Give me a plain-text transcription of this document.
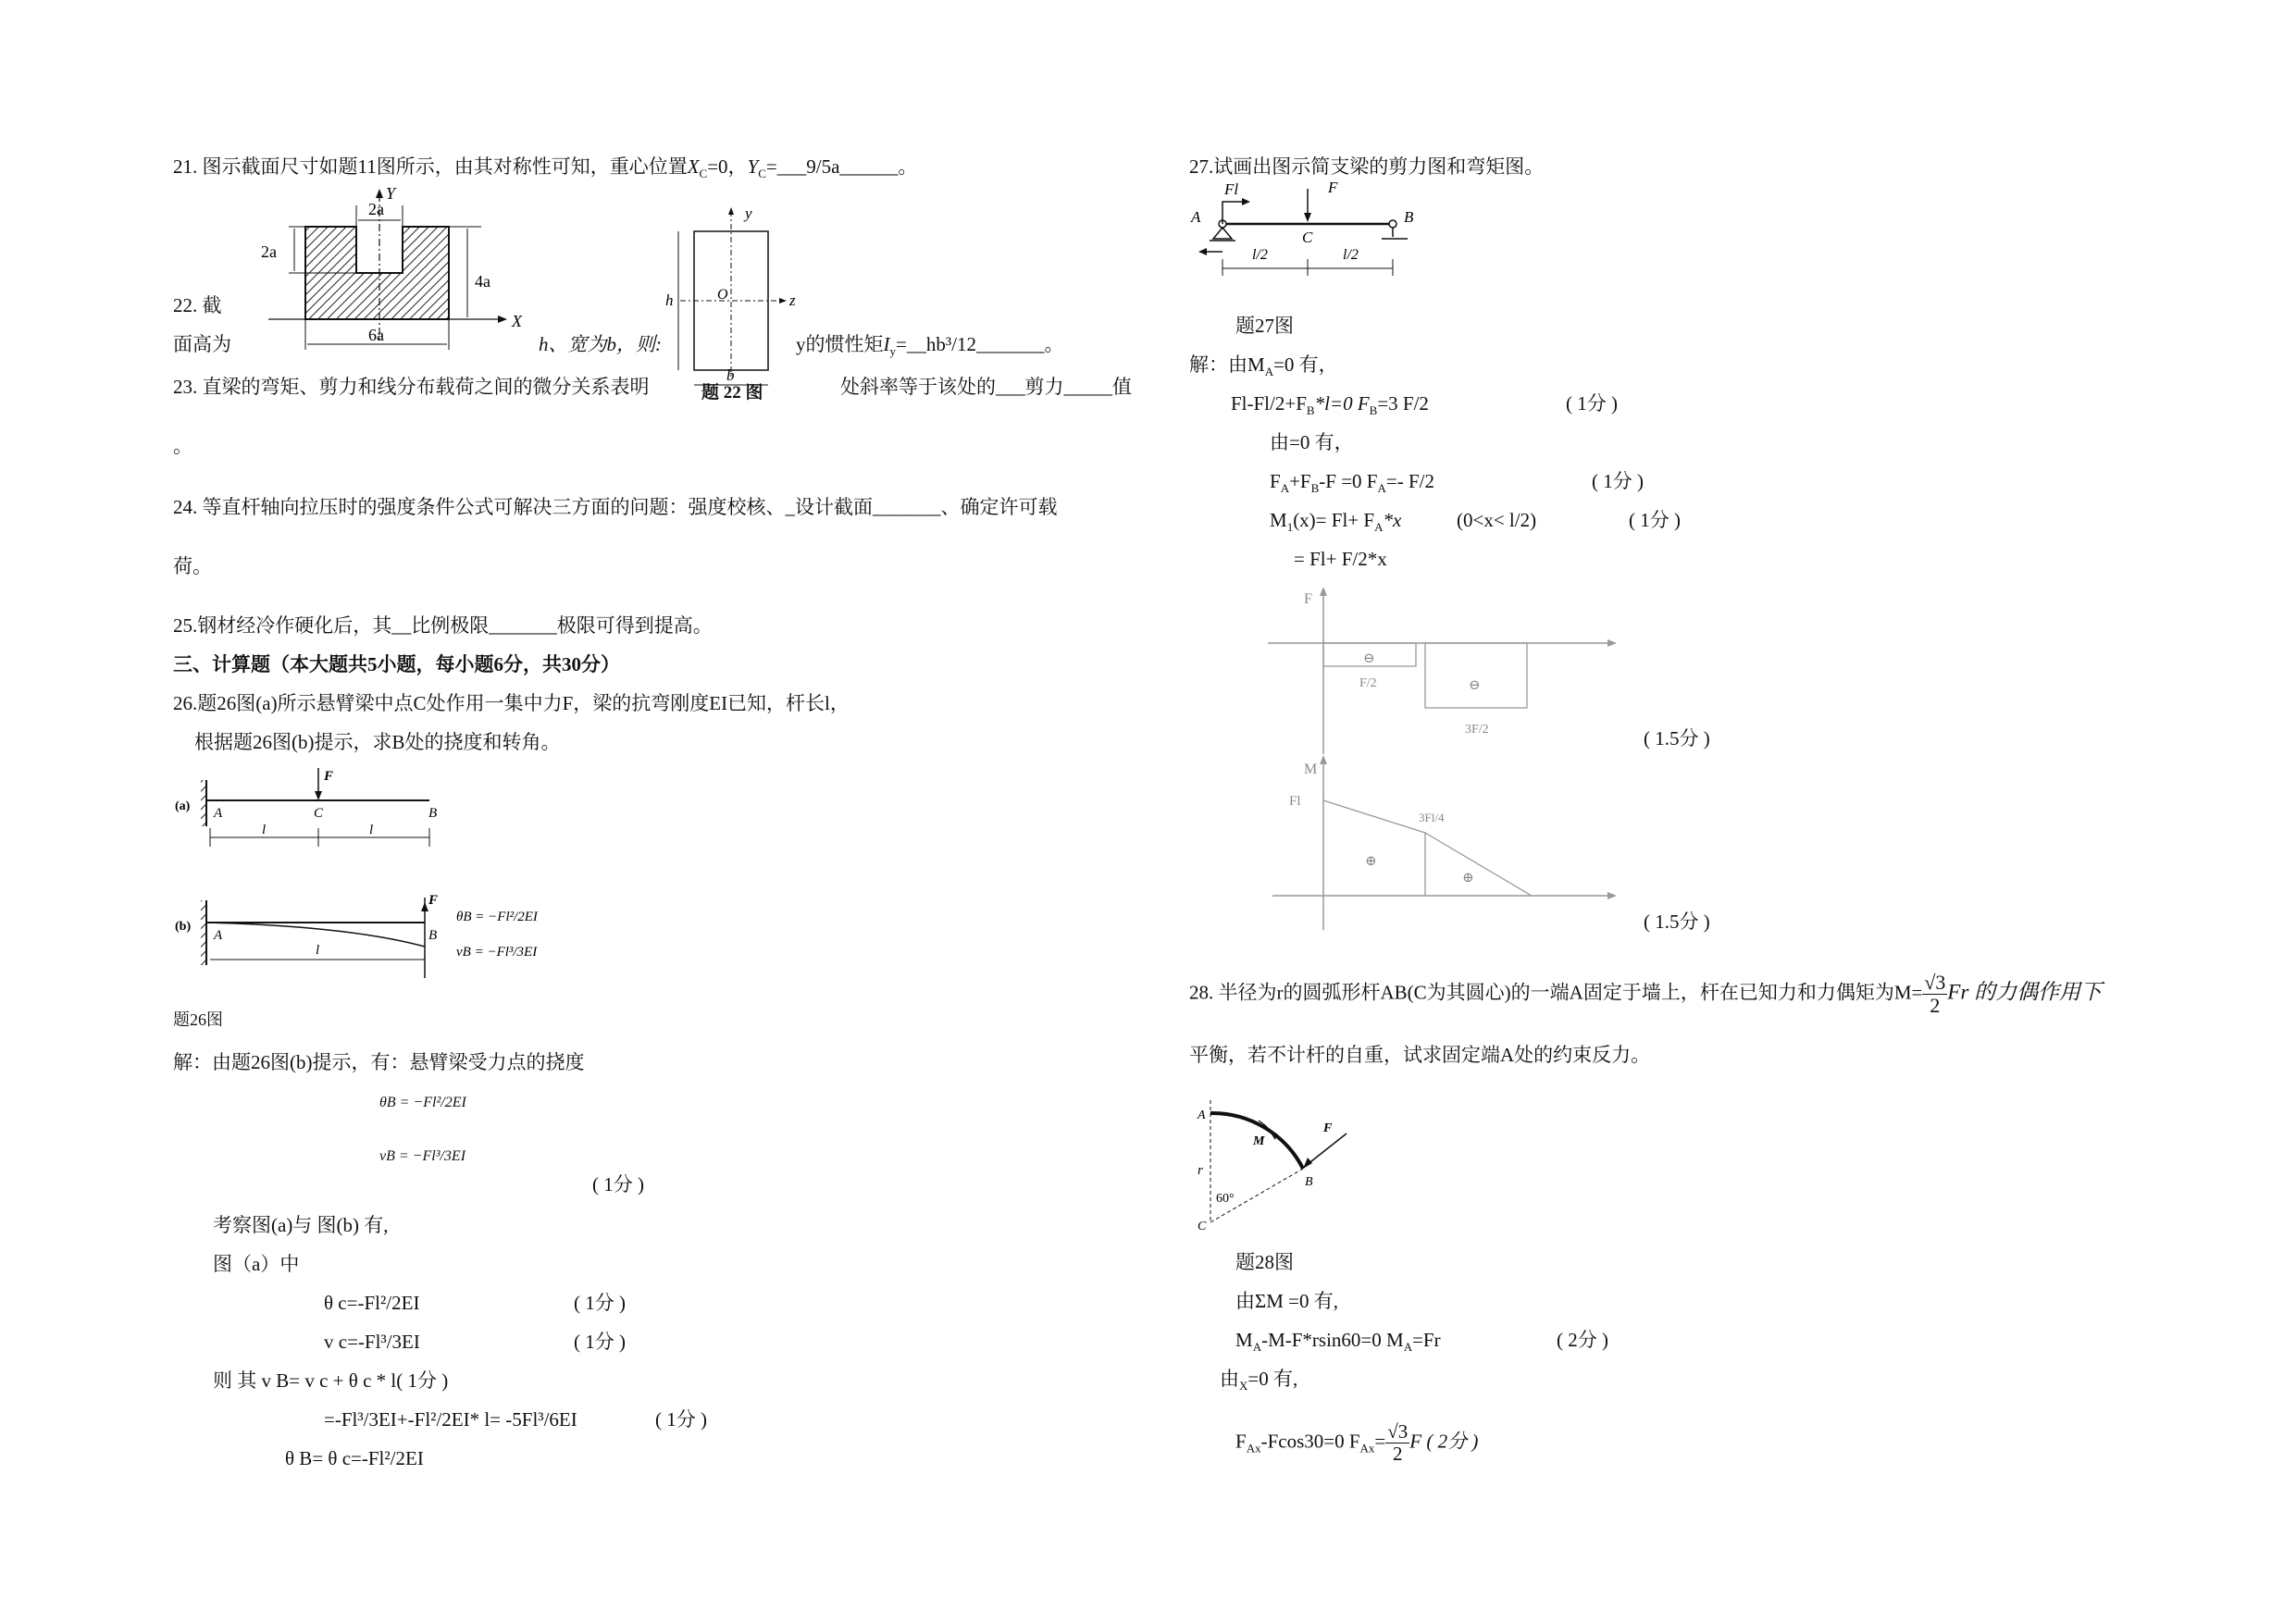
21. 图示截面尺寸如题11图所示，由其对称性可知，重心位置$X_C=0$，$Y_C=\_\_\_9/5a\_\_\_\_\_\_$。
Y
X
2a
2a
4a
6a
y
z
O
h
b
题 22 图
22. 截
面高为	h、宽为b，则:	y的惯性矩$I_y=\_\_hb^3/12\_\_\_\_\_\_\_$。
23. 直梁的弯矩、剪力和线分布载荷之间的微分关系表明	处斜率等于该处的___剪力_____值
。
24. 等直杆轴向拉压时的强度条件公式可解决三方面的问题：强度校核、_设计截面_______、确定许可载
荷。
25.钢材经冷作硬化后，其__比例极限_______极限可得到提高。
三、计算题（本大题共5小题，每小题6分，共30分）
26.题26图(a)所示悬臂梁中点C处作用一集中力F，梁的抗弯刚度EI已知，杆长l，
根据题26图(b)提示，求B处的挠度和转角。
(a)
F
A	C	B
l	l
(b)
F
A	B
l
θB = −Fl²/2EI
vB = −Fl³/3EI
题26图
解：由题26图(b)提示，有：悬臂梁受力点的挠度
θB = −Fl²/2EI
vB = −Fl³/3EI
( 1分 )
考察图(a)与 图(b) 有,
图（a）中
θ c=-Fl²/2EI	( 1分 )
v c=-Fl³/3EI	( 1分 )
则 其 v B= v c + θ c * l( 1分 )
=-Fl³/3EI+-Fl²/2EI* l= -5Fl³/6EI	( 1分 )
θ B= θ c=-Fl²/2EI
27.试画出图示简支梁的剪力图和弯矩图。
Fl	F
A
C
B
l/2	l/2
题27图
解：由$M_A=0$ 有，
$Fl-Fl/2+F_B*l=0$ $F_B=3$ F/2	( 1分 )
由=0 有，
$F_A+F_B-F =0$ $F_A=-$ F/2	( 1分 )
$M_1(x)= Fl+ F_A*x$	(0<x< l/2)	( 1分 )
= Fl+ F/2*x
F
⊖
⊖
F/2
3F/2	( 1.5分 )
M
Fl
3Fl/4
⊕
⊕
( 1.5分 )
28. 半径为r的圆弧形杆AB(C为其圆心)的一端A固定于墙上，杆在已知力和力偶矩为$M= \frac{√3}{2}$ Fr 的力偶作用下
平衡，若不计杆的自重，试求固定端A处的约束反力。
A
B
C
M
F
r
60°
题28图
由ΣM =0 有,
$M_A-M-F*rsin60=0$ $M_A=Fr$	( 2分 )
由$_X$=0 有,
$F_{Ax}-Fcos30=0$ $F_{Ax}= \frac{√3}{2}$ F ( 2分 )
